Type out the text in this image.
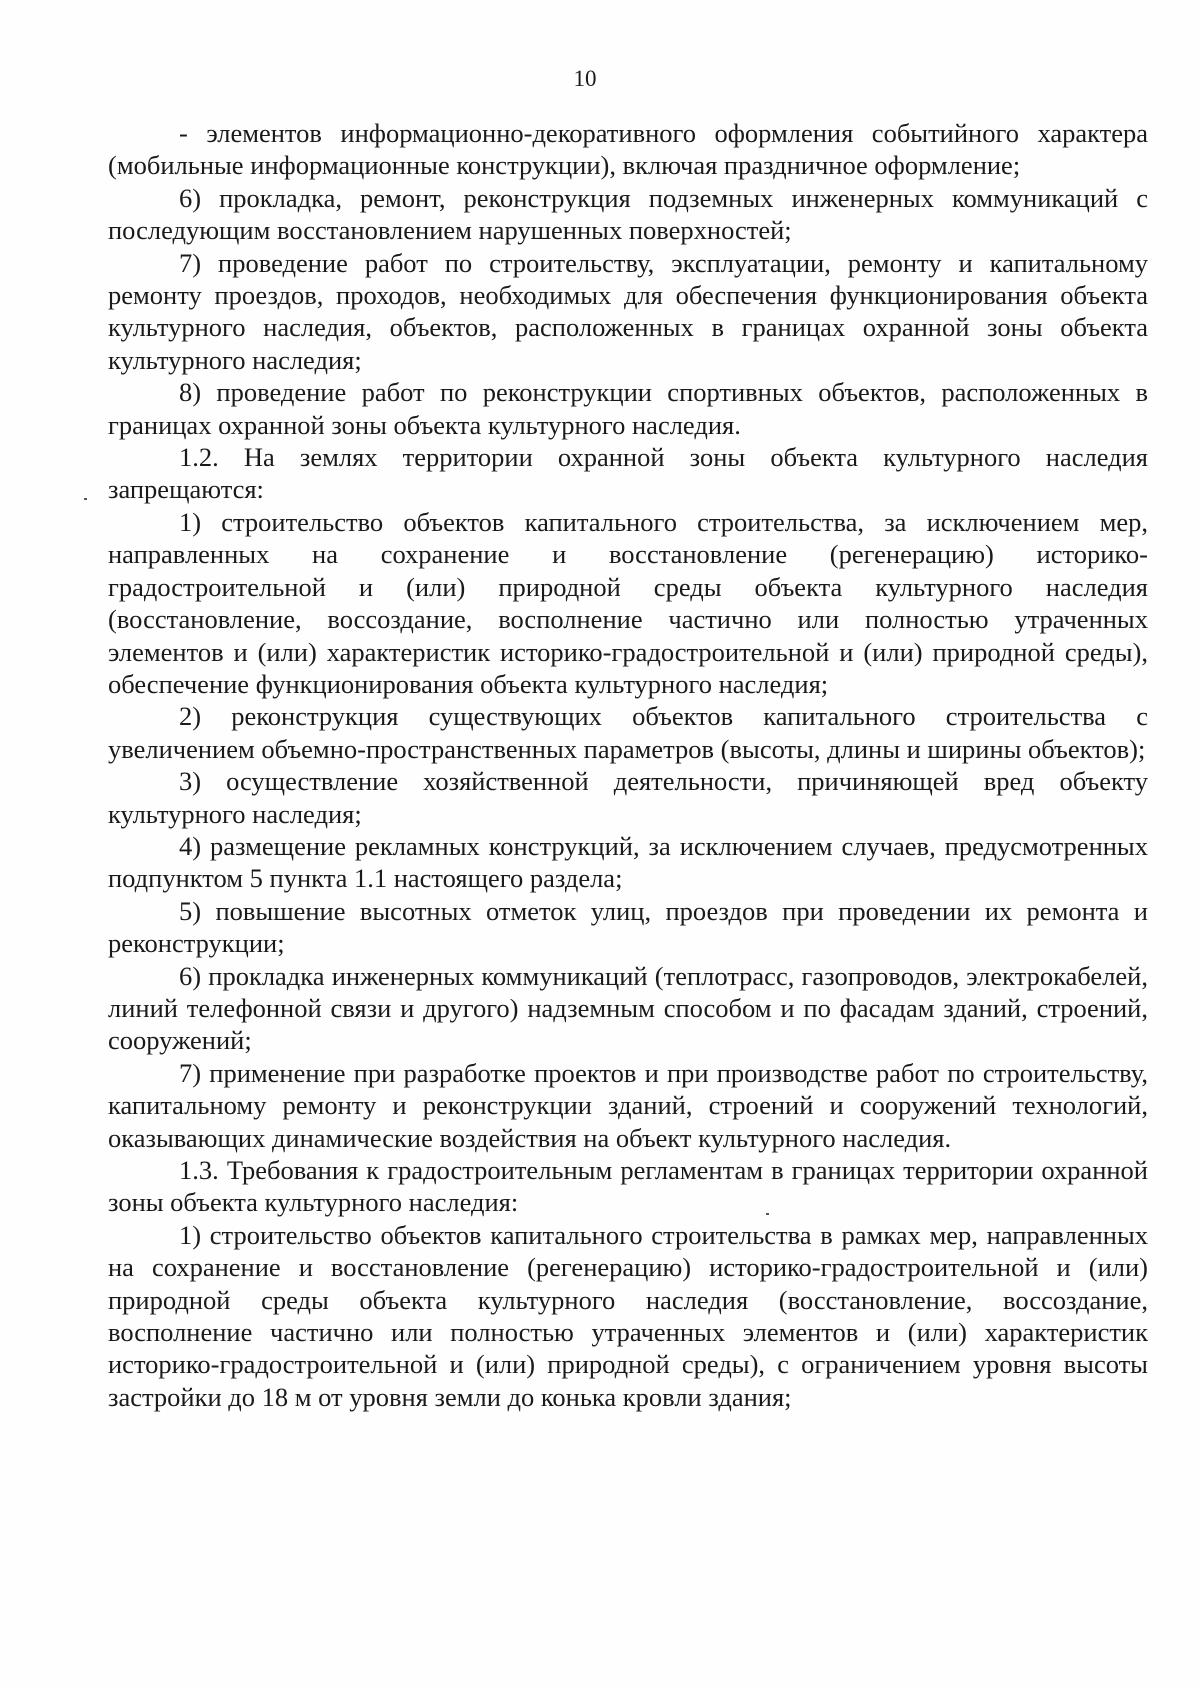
10

- элементов информационно-декоративного оформления событийного характера (мобильные информационные конструкции), включая праздничное оформление;

6) прокладка, ремонт, реконструкция подземных инженерных коммуникаций с последующим восстановлением нарушенных поверхностей;

7) проведение работ по строительству, эксплуатации, ремонту и капитальному ремонту проездов, проходов, необходимых для обеспечения функционирования объекта культурного наследия, объектов, расположенных в границах охранной зоны объекта культурного наследия;

8) проведение работ по реконструкции спортивных объектов, расположенных в границах охранной зоны объекта культурного наследия.

1.2. На землях территории охранной зоны объекта культурного наследия запрещаются:

1) строительство объектов капитального строительства, за исключением мер, направленных на сохранение и восстановление (регенерацию) историко-градостроительной и (или) природной среды объекта культурного наследия (восстановление, воссоздание, восполнение частично или полностью утраченных элементов и (или) характеристик историко-градостроительной и (или) природной среды), обеспечение функционирования объекта культурного наследия;

2) реконструкция существующих объектов капитального строительства с увеличением объемно-пространственных параметров (высоты, длины и ширины объектов);

3) осуществление хозяйственной деятельности, причиняющей вред объекту культурного наследия;

4) размещение рекламных конструкций, за исключением случаев, предусмотренных подпунктом 5 пункта 1.1 настоящего раздела;

5) повышение высотных отметок улиц, проездов при проведении их ремонта и реконструкции;

6) прокладка инженерных коммуникаций (теплотрасс, газопроводов, электрокабелей, линий телефонной связи и другого) надземным способом и по фасадам зданий, строений, сооружений;

7) применение при разработке проектов и при производстве работ по строительству, капитальному ремонту и реконструкции зданий, строений и сооружений технологий, оказывающих динамические воздействия на объект культурного наследия.

1.3. Требования к градостроительным регламентам в границах территории охранной зоны объекта культурного наследия:

1) строительство объектов капитального строительства в рамках мер, направленных на сохранение и восстановление (регенерацию) историко-градостроительной и (или) природной среды объекта культурного наследия (восстановление, воссоздание, восполнение частично или полностью утраченных элементов и (или) характеристик историко-градостроительной и (или) природной среды), с ограничением уровня высоты застройки до 18 м от уровня земли до конька кровли здания;
